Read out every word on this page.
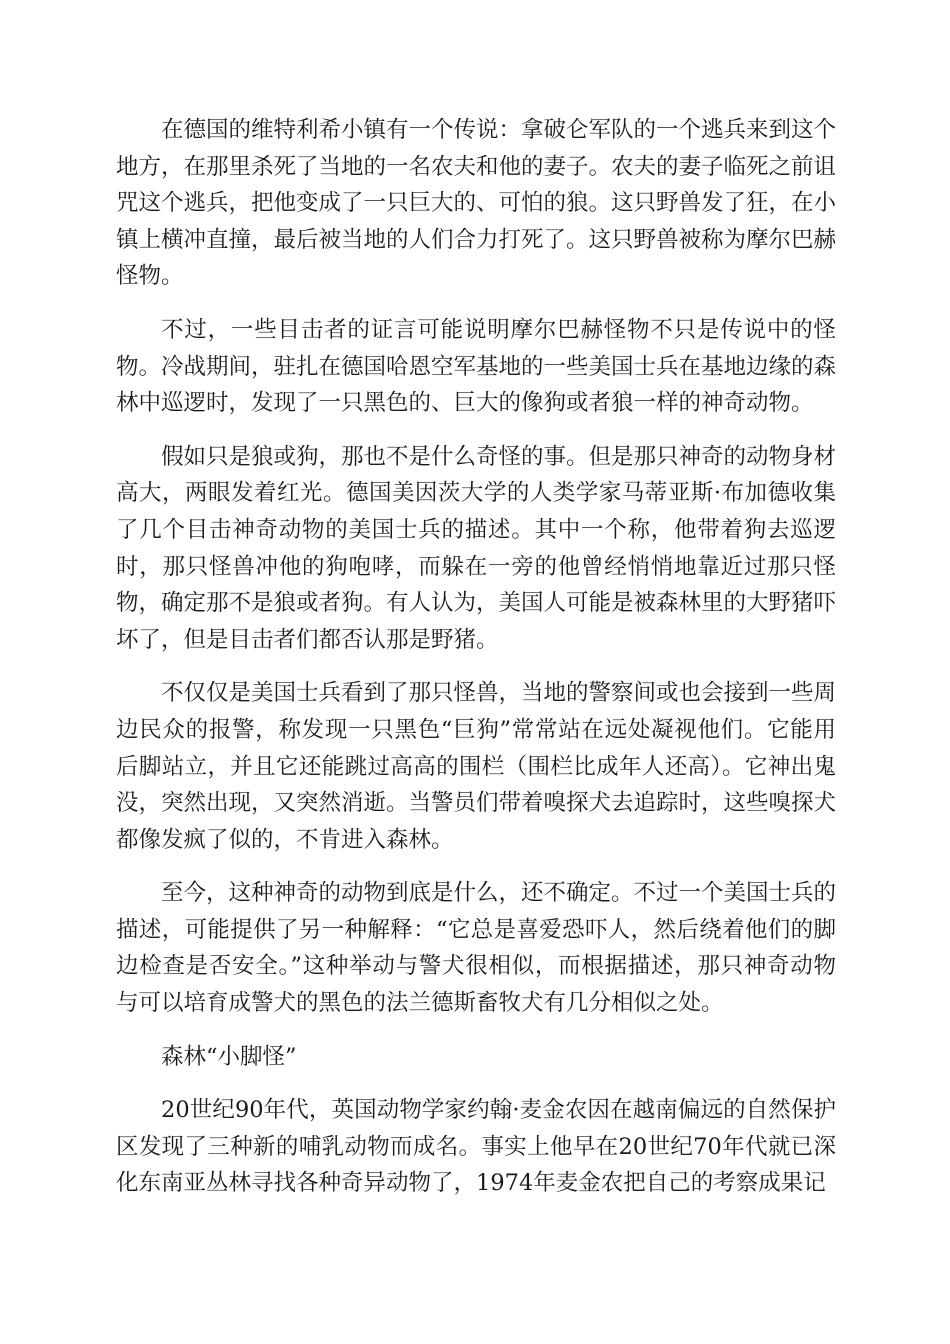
在德国的维特利希小镇有一个传说：拿破仑军队的一个逃兵来到这个地方，在那里杀死了当地的一名农夫和他的妻子。农夫的妻子临死之前诅咒这个逃兵，把他变成了一只巨大的、可怕的狼。这只野兽发了狂，在小镇上横冲直撞，最后被当地的人们合力打死了。这只野兽被称为摩尔巴赫怪物。

不过，一些目击者的证言可能说明摩尔巴赫怪物不只是传说中的怪物。冷战期间，驻扎在德国哈恩空军基地的一些美国士兵在基地边缘的森林中巡逻时，发现了一只黑色的、巨大的像狗或者狼一样的神奇动物。

假如只是狼或狗，那也不是什么奇怪的事。但是那只神奇的动物身材高大，两眼发着红光。德国美因茨大学的人类学家马蒂亚斯·布加德收集了几个目击神奇动物的美国士兵的描述。其中一个称，他带着狗去巡逻时，那只怪兽冲他的狗咆哮，而躲在一旁的他曾经悄悄地靠近过那只怪物，确定那不是狼或者狗。有人认为，美国人可能是被森林里的大野猪吓坏了，但是目击者们都否认那是野猪。

不仅仅是美国士兵看到了那只怪兽，当地的警察间或也会接到一些周边民众的报警，称发现一只黑色“巨狗”常常站在远处凝视他们。它能用后脚站立，并且它还能跳过高高的围栏（围栏比成年人还高）。它神出鬼没，突然出现，又突然消逝。当警员们带着嗅探犬去追踪时，这些嗅探犬都像发疯了似的，不肯进入森林。

至今，这种神奇的动物到底是什么，还不确定。不过一个美国士兵的描述，可能提供了另一种解释：“它总是喜爱恐吓人，然后绕着他们的脚边检查是否安全。”这种举动与警犬很相似，而根据描述，那只神奇动物与可以培育成警犬的黑色的法兰德斯畜牧犬有几分相似之处。

森林“小脚怪”

20世纪90年代，英国动物学家约翰·麦金农因在越南偏远的自然保护区发现了三种新的哺乳动物而成名。事实上他早在20世纪70年代就已深化东南亚丛林寻找各种奇异动物了，1974年麦金农把自己的考察成果记
